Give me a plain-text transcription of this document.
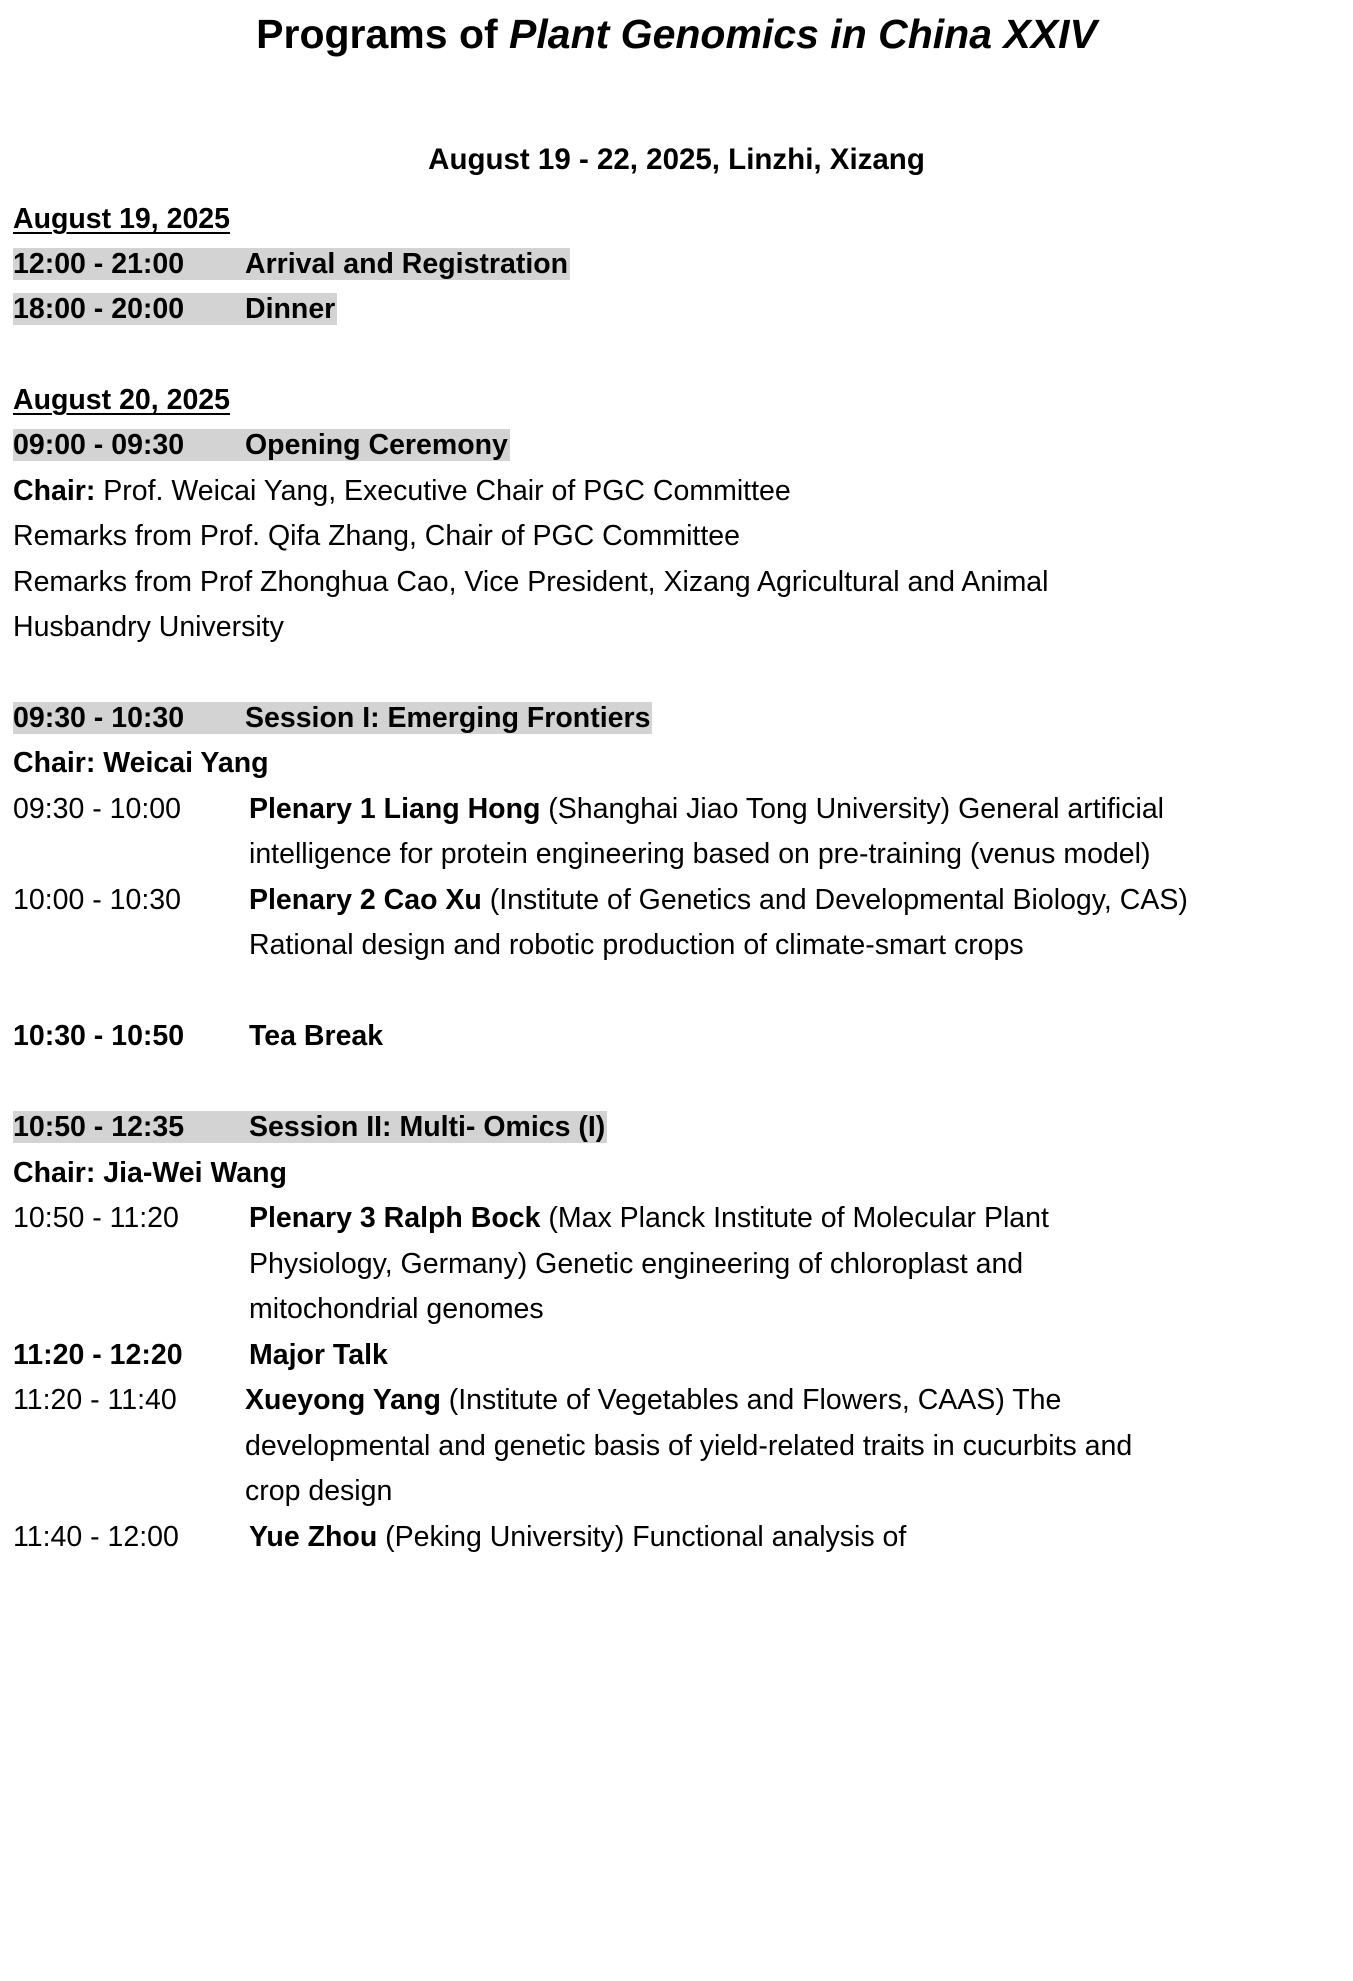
Programs of Plant Genomics in China XXIV
August 19 - 22, 2025, Linzhi, Xizang
August 19, 2025
12:00 - 21:00 Arrival and Registration
18:00 - 20:00 Dinner
August 20, 2025
09:00 - 09:30 Opening Ceremony
Chair: Prof. Weicai Yang, Executive Chair of PGC Committee
Remarks from Prof. Qifa Zhang, Chair of PGC Committee
Remarks from Prof Zhonghua Cao, Vice President, Xizang Agricultural and Animal
Husbandry University
09:30 - 10:30 Session I: Emerging Frontiers
Chair: Weicai Yang
09:30 - 10:00 Plenary 1 Liang Hong (Shanghai Jiao Tong University) General artificial
intelligence for protein engineering based on pre-training (venus model)
10:00 - 10:30 Plenary 2 Cao Xu (Institute of Genetics and Developmental Biology, CAS)
Rational design and robotic production of climate-smart crops
10:30 - 10:50 Tea Break
10:50 - 12:35 Session II: Multi- Omics (I)
Chair: Jia-Wei Wang
10:50 - 11:20 Plenary 3 Ralph Bock (Max Planck Institute of Molecular Plant
Physiology, Germany) Genetic engineering of chloroplast and
mitochondrial genomes
11:20 - 12:20 Major Talk
11:20 - 11:40 Xueyong Yang (Institute of Vegetables and Flowers, CAAS) The
developmental and genetic basis of yield-related traits in cucurbits and
crop design
11:40 - 12:00 Yue Zhou (Peking University) Functional analysis of
